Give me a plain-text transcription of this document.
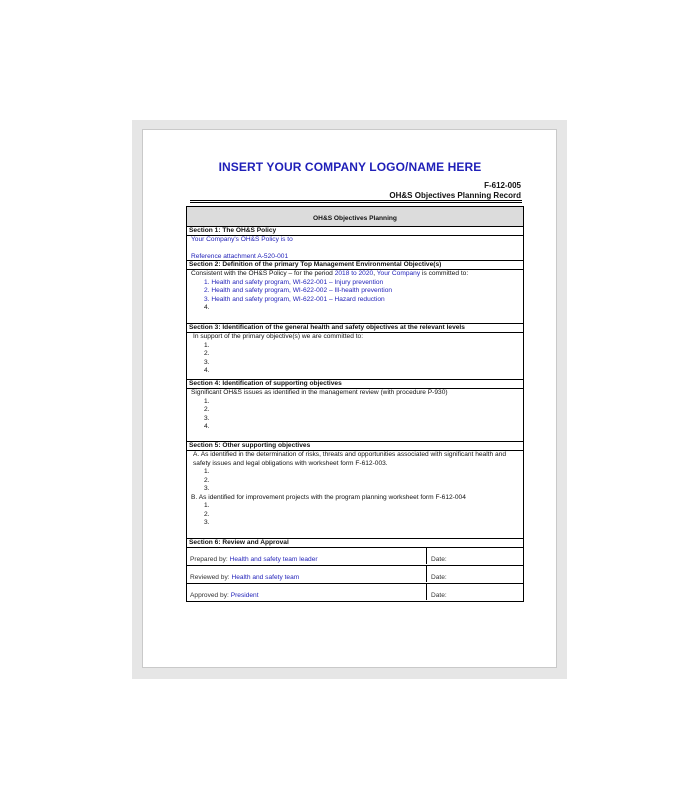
INSERT YOUR COMPANY LOGO/NAME HERE
F-612-005
OH&S Objectives Planning Record
OH&S Objectives Planning
Section 1: The OH&S Policy
Your Company's OH&S Policy is to
Reference attachment A-520-001
Section 2: Definition of the primary Top Management Environmental Objective(s)
Consistent with the OH&S Policy – for the period 2018 to 2020, Your Company is committed to:
1. Health and safety program, WI-622-001 – Injury prevention
2. Health and safety program, WI-622-002 – Ill-health prevention
3. Health and safety program, WI-622-001 – Hazard reduction
4.
Section 3: Identification of the general health and safety objectives at the relevant levels
In support of the primary objective(s) we are committed to:
1.
2.
3.
4.
Section 4: Identification of supporting objectives
Significant OH&S issues as identified in the management review (with procedure P-930)
1.
2.
3.
4.
Section 5: Other supporting objectives
A. As identified in the determination of risks, threats and opportunities associated with significant health and safety issues and legal obligations with worksheet form F-612-003.
1.
2.
3.
B. As identified for improvement projects with the program planning worksheet form F-612-004
1.
2.
3.
Section 6: Review and Approval
Prepared by:
Health and safety team leader	Date:
Reviewed by:
Health and safety team	Date:
Approved by:
President	Date:
